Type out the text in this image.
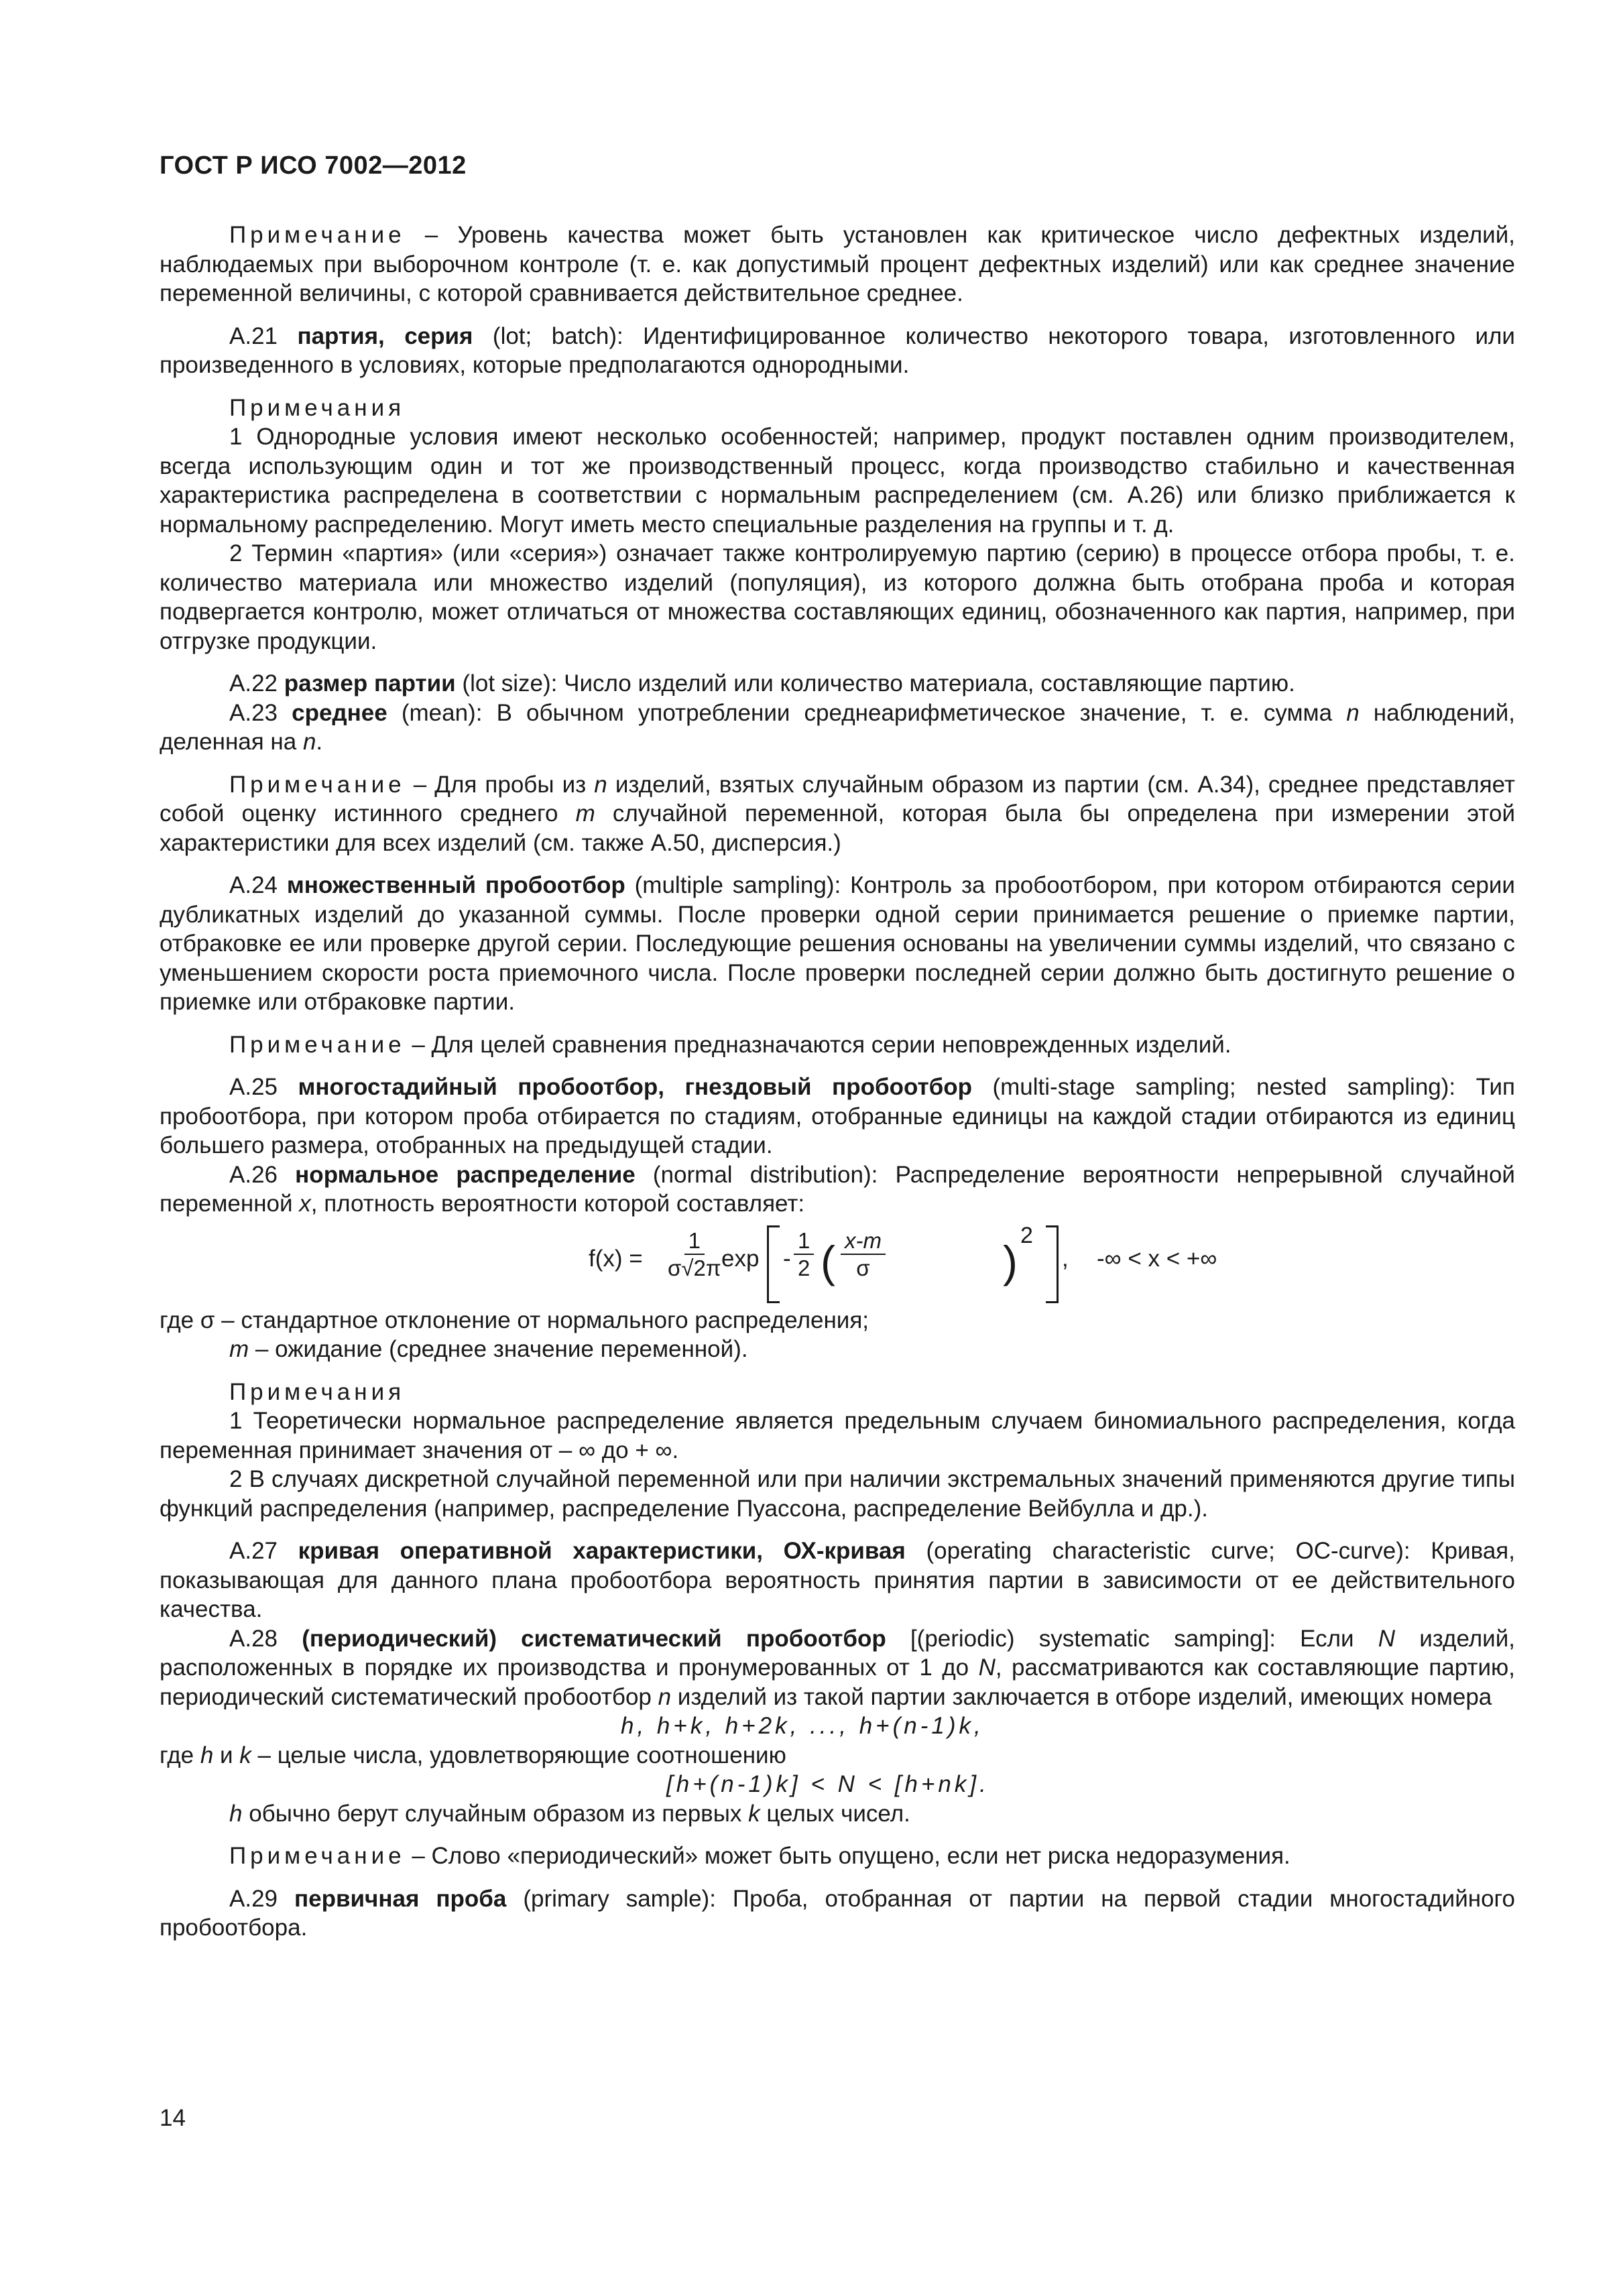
ГОСТ Р ИСО 7002—2012

Примечание – Уровень качества может быть установлен как критическое число дефектных изделий, наблюдаемых при выборочном контроле (т. е. как допустимый процент дефектных изделий) или как среднее значение переменной величины, с которой сравнивается действительное среднее.

А.21 партия, серия (lot; batch): Идентифицированное количество некоторого товара, изготовленного или произведенного в условиях, которые предполагаются однородными.

Примечания

1 Однородные условия имеют несколько особенностей; например, продукт поставлен одним производителем, всегда использующим один и тот же производственный процесс, когда производство стабильно и качественная характеристика распределена в соответствии с нормальным распределением (см. А.26) или близко приближается к нормальному распределению. Могут иметь место специальные разделения на группы и т. д.

2 Термин «партия» (или «серия») означает также контролируемую партию (серию) в процессе отбора пробы, т. е. количество материала или множество изделий (популяция), из которого должна быть отобрана проба и которая подвергается контролю, может отличаться от множества составляющих единиц, обозначенного как партия, например, при отгрузке продукции.

А.22 размер партии (lot size): Число изделий или количество материала, составляющие партию.

А.23 среднее (mean): В обычном употреблении среднеарифметическое значение, т. е. сумма n наблюдений, деленная на n.

Примечание – Для пробы из n изделий, взятых случайным образом из партии (см. А.34), среднее представляет собой оценку истинного среднего m случайной переменной, которая была бы определена при измерении этой характеристики для всех изделий (см. также А.50, дисперсия.)

А.24 множественный пробоотбор (multiple sampling): Контроль за пробоотбором, при котором отбираются серии дубликатных изделий до указанной суммы. После проверки одной серии принимается решение о приемке партии, отбраковке ее или проверке другой серии. Последующие решения основаны на увеличении суммы изделий, что связано с уменьшением скорости роста приемочного числа. После проверки последней серии должно быть достигнуто решение о приемке или отбраковке партии.

Примечание – Для целей сравнения предназначаются серии неповрежденных изделий.

А.25 многостадийный пробоотбор, гнездовый пробоотбор (multi-stage sampling; nested sampling): Тип пробоотбора, при котором проба отбирается по стадиям, отобранные единицы на каждой стадии отбираются из единиц большего размера, отобранных на предыдущей стадии.

А.26 нормальное распределение (normal distribution): Распределение вероятности непрерывной случайной переменной x, плотность вероятности которой составляет:

$f(x) = \frac{1}{\sigma√2\pi}$ exp - $\frac{1}{2}$ ( $\frac{x-m}{\sigma}$	)
2
, -∞ < x < +∞

где σ – стандартное отклонение от нормального распределения;

m – ожидание (среднее значение переменной).

Примечания

1 Теоретически нормальное распределение является предельным случаем биномиального распределения, когда переменная принимает значения от – ∞ до + ∞.

2 В случаях дискретной случайной переменной или при наличии экстремальных значений применяются другие типы функций распределения (например, распределение Пуассона, распределение Вейбулла и др.).

А.27 кривая оперативной характеристики, ОХ-кривая (operating characteristic curve; OC-curve): Кривая, показывающая для данного плана пробоотбора вероятность принятия партии в зависимости от ее действительного качества.

А.28 (периодический) систематический пробоотбор [(periodic) systematic samping]: Если N изделий, расположенных в порядке их производства и пронумерованных от 1 до N, рассматриваются как составляющие партию, периодический систематический пробоотбор n изделий из такой партии заключается в отборе изделий, имеющих номера

h, h+k, h+2k, ..., h+(n-1)k,

где h и k – целые числа, удовлетворяющие соотношению

[h+(n-1)k] < N < [h+nk].

h обычно берут случайным образом из первых k целых чисел.

Примечание – Слово «периодический» может быть опущено, если нет риска недоразумения.

А.29 первичная проба (primary sample): Проба, отобранная от партии на первой стадии многостадийного пробоотбора.

14
